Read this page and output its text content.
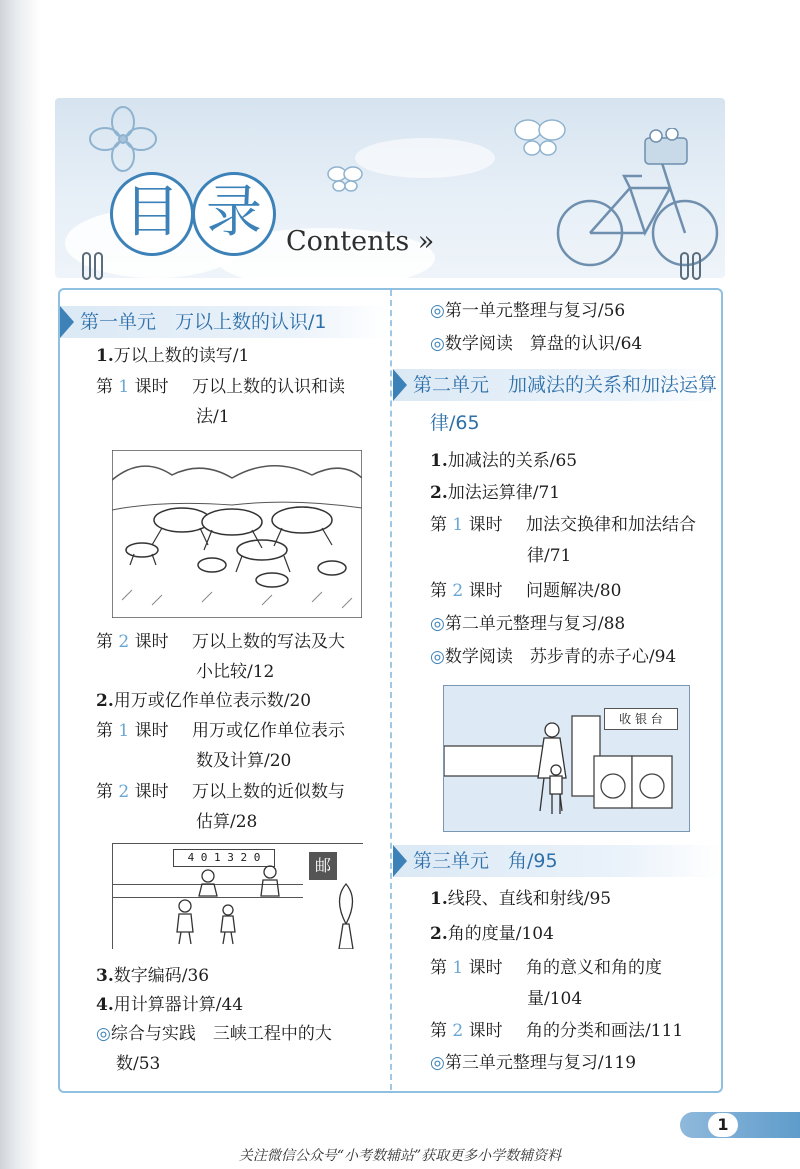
目 录 Contents »
第一单元　万以上数的认识/1
1.万以上数的读写/1
第 1 课时 万以上数的认识和读
法/1
第 2 课时 万以上数的写法及大
小比较/12
2.用万或亿作单位表示数/20
第 1 课时 用万或亿作单位表示
数及计算/20
第 2 课时 万以上数的近似数与
估算/28
4 0 1 3 2 0	邮
3.数字编码/36
4.用计算器计算/44
◎综合与实践　三峡工程中的大
数/53
◎第一单元整理与复习/56
◎数学阅读　算盘的认识/64
第二单元　加减法的关系和加法运算
律/65
1.加减法的关系/65
2.加法运算律/71
第 1 课时 加法交换律和加法结合
律/71
第 2 课时 问题解决/80
◎第二单元整理与复习/88
◎数学阅读　苏步青的赤子心/94
收 银 台
第三单元　角/95
1.线段、直线和射线/95
2.角的度量/104
第 1 课时 角的意义和角的度
量/104
第 2 课时 角的分类和画法/111
◎第三单元整理与复习/119
1
关注微信公众号“小考数辅站”获取更多小学数辅资料
